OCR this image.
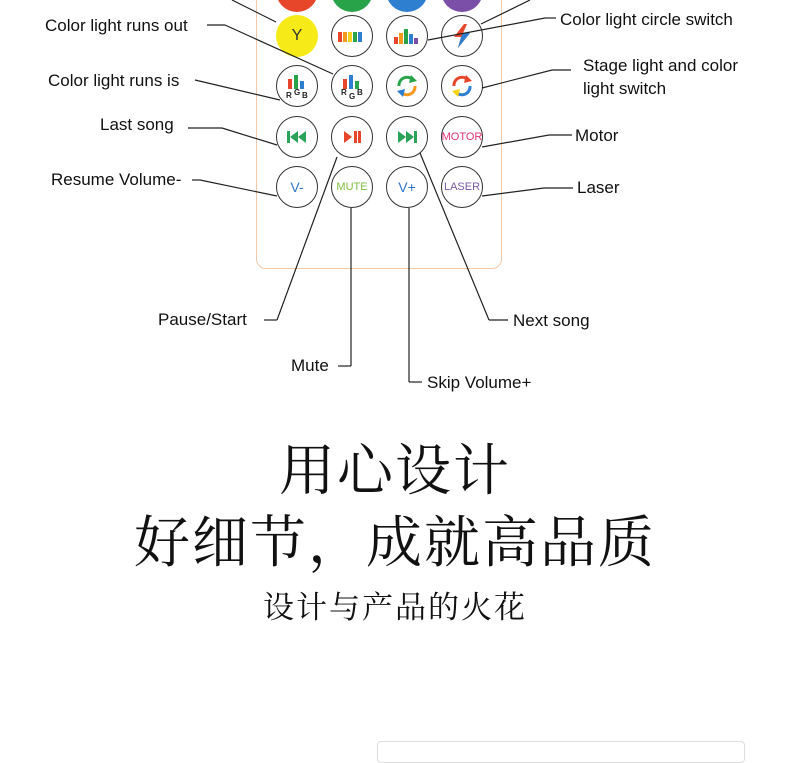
Y
R G B	R G B
MOTOR
V-	MUTE V+	LASER
Color light runs out
Color light runs is
Last song
Resume Volume-
Color light circle switch
Stage light and color light switch
Motor
Laser
Pause/Start	Next song
Mute
Skip Volume+
用心设计
好细节，成就高品质
设计与产品的火花
